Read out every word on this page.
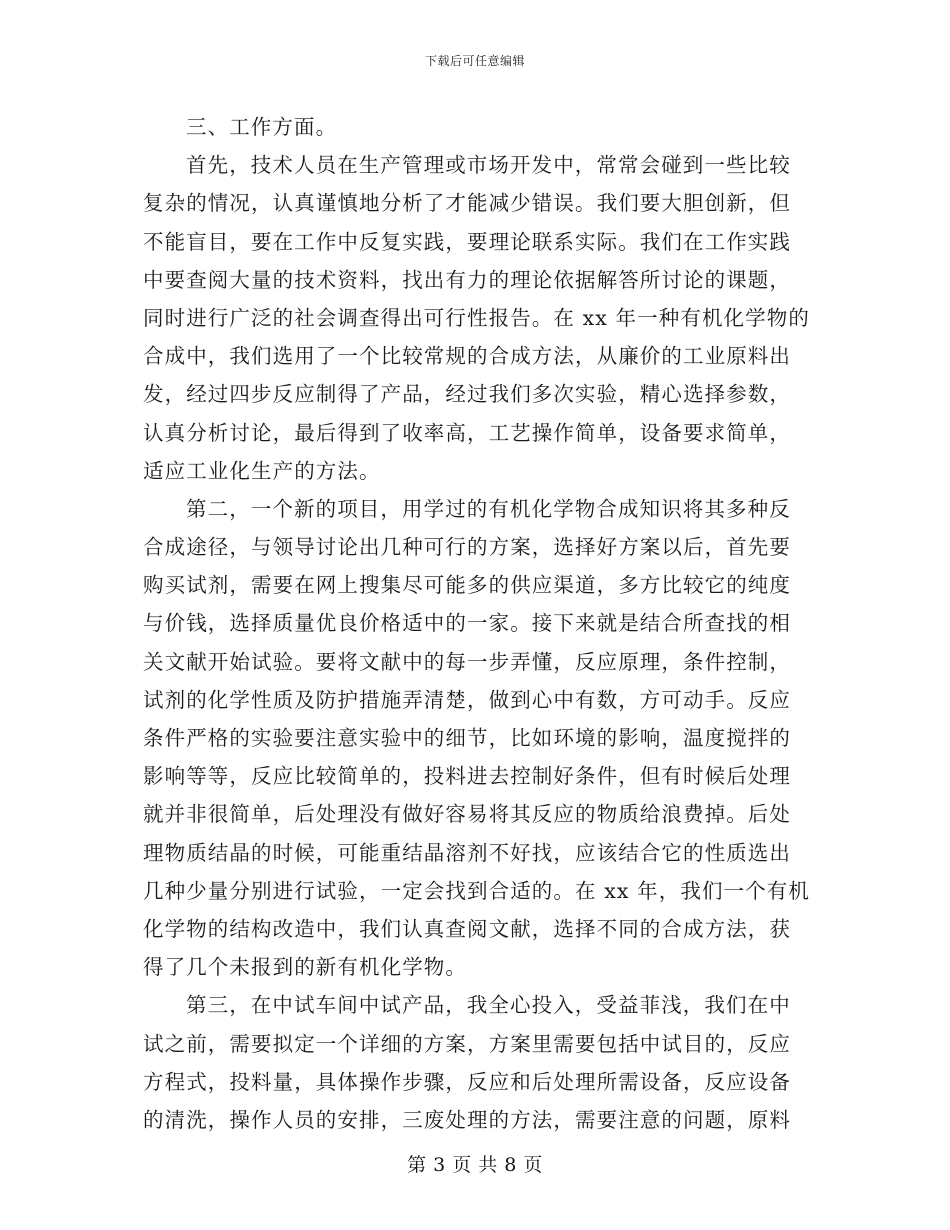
下载后可任意编辑
三、工作方面。
首先，技术人员在生产管理或市场开发中，常常会碰到一些比较
复杂的情况，认真谨慎地分析了才能减少错误。我们要大胆创新，但
不能盲目，要在工作中反复实践，要理论联系实际。我们在工作实践
中要查阅大量的技术资料，找出有力的理论依据解答所讨论的课题，
同时进行广泛的社会调查得出可行性报告。在 xx 年一种有机化学物的
合成中，我们选用了一个比较常规的合成方法，从廉价的工业原料出
发，经过四步反应制得了产品，经过我们多次实验，精心选择参数，
认真分析讨论，最后得到了收率高，工艺操作简单，设备要求简单，
适应工业化生产的方法。
第二，一个新的项目，用学过的有机化学物合成知识将其多种反
合成途径，与领导讨论出几种可行的方案，选择好方案以后，首先要
购买试剂，需要在网上搜集尽可能多的供应渠道，多方比较它的纯度
与价钱，选择质量优良价格适中的一家。接下来就是结合所查找的相
关文献开始试验。要将文献中的每一步弄懂，反应原理，条件控制，
试剂的化学性质及防护措施弄清楚，做到心中有数，方可动手。反应
条件严格的实验要注意实验中的细节，比如环境的影响，温度搅拌的
影响等等，反应比较简单的，投料进去控制好条件，但有时候后处理
就并非很简单，后处理没有做好容易将其反应的物质给浪费掉。后处
理物质结晶的时候，可能重结晶溶剂不好找，应该结合它的性质选出
几种少量分别进行试验，一定会找到合适的。在 xx 年，我们一个有机
化学物的结构改造中，我们认真查阅文献，选择不同的合成方法，获
得了几个未报到的新有机化学物。
第三，在中试车间中试产品，我全心投入，受益菲浅，我们在中
试之前，需要拟定一个详细的方案，方案里需要包括中试目的，反应
方程式，投料量，具体操作步骤，反应和后处理所需设备，反应设备
的清洗，操作人员的安排，三废处理的方法，需要注意的问题，原料
第 3 页 共 8 页
